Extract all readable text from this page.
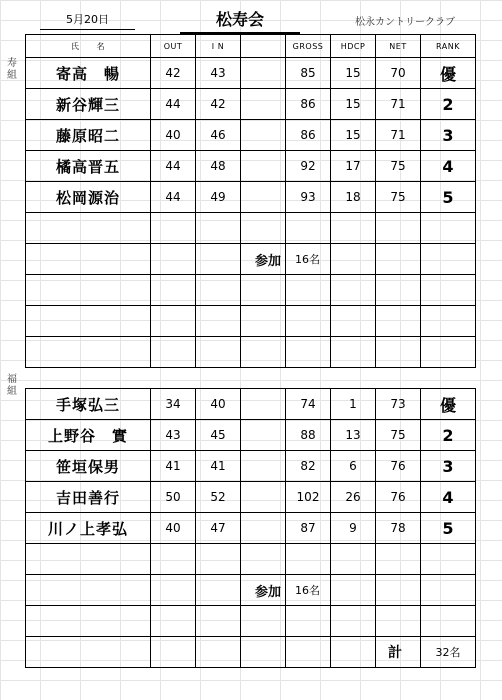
5月20日	松寿会	松永カントリークラブ
寿
組
福
組
氏　　名	OUT	I N		GROSS	HDCP	NET	RANK
寄高　暢	42	43		85	15	70	優
新谷輝三	44	42		86	15	71	2
藤原昭二	40	46		86	15	71	3
橘高晋五	44	48		92	17	75	4
松岡源治	44	49		93	18	75	5

			参加	16名			

手塚弘三	34	40		74	1	73	優
上野谷　實	43	45		88	13	75	2
笹垣保男	41	41		82	6	76	3
吉田善行	50	52		102	26	76	4
川ノ上孝弘	40	47		87	9	78	5

			参加	16名			

						計	32名
